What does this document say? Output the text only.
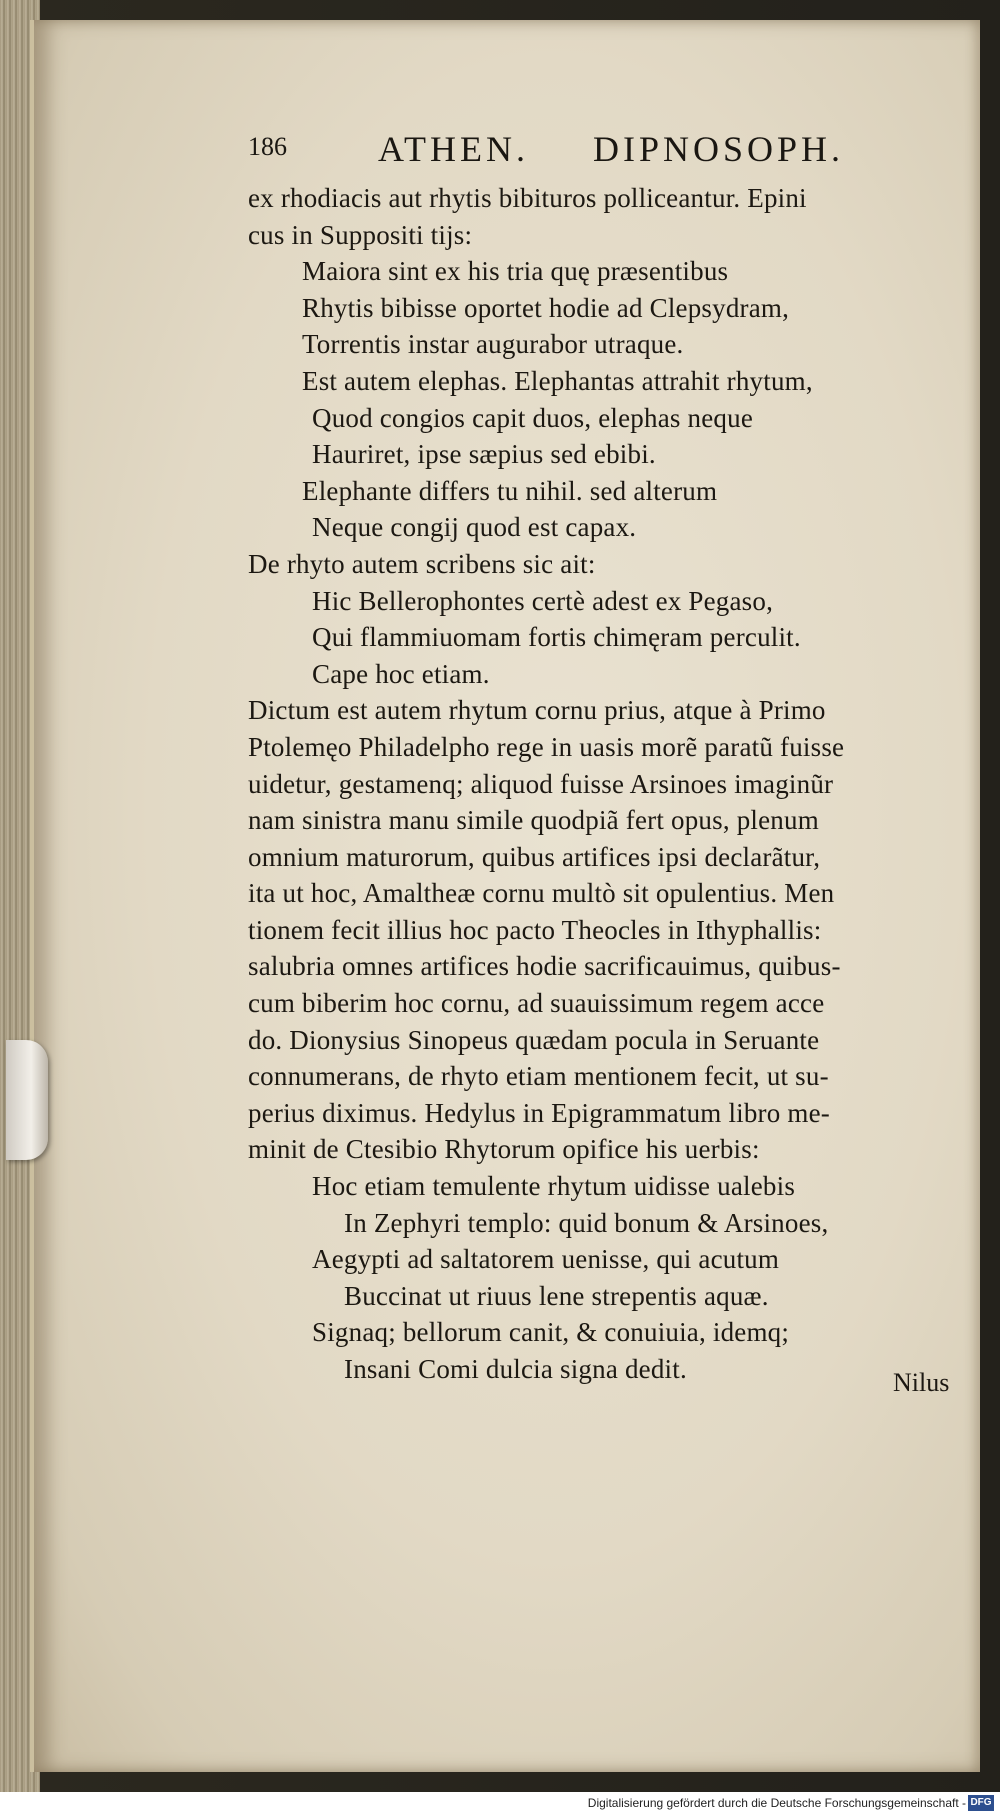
186	ATHEN. DIPNOSOPH.
ex rhodiacis aut rhytis bibituros polliceantur. Epini
cus in Suppositi tijs:
Maiora sint ex his tria quę præsentibus
Rhytis bibisse oportet hodie ad Clepsydram,
Torrentis instar augurabor utraque.
Est autem elephas. Elephantas attrahit rhytum,
Quod congios capit duos, elephas neque
Hauriret, ipse sæpius sed ebibi.
Elephante differs tu nihil. sed alterum
Neque congij quod est capax.
De rhyto autem scribens sic ait:
Hic Bellerophontes certè adest ex Pegaso,
Qui flammiuomam fortis chimęram perculit.
Cape hoc etiam.
Dictum est autem rhytum cornu prius, atque à Primo
Ptolemęo Philadelpho rege in uasis morẽ paratũ fuisse
uidetur, gestamenq; aliquod fuisse Arsinoes imaginũr
nam sinistra manu simile quodpiã fert opus, plenum
omnium maturorum, quibus artifices ipsi declarãtur,
ita ut hoc, Amaltheæ cornu multò sit opulentius. Men
tionem fecit illius hoc pacto Theocles in Ithyphallis:
salubria omnes artifices hodie sacrificauimus, quibus-
cum biberim hoc cornu, ad suauissimum regem acce
do. Dionysius Sinopeus quædam pocula in Seruante
connumerans, de rhyto etiam mentionem fecit, ut su-
perius diximus. Hedylus in Epigrammatum libro me-
minit de Ctesibio Rhytorum opifice his uerbis:
Hoc etiam temulente rhytum uidisse ualebis
In Zephyri templo: quid bonum & Arsinoes,
Aegypti ad saltatorem uenisse, qui acutum
Buccinat ut riuus lene strepentis aquæ.
Signaq; bellorum canit, & conuiuia, idemq;
Insani Comi dulcia signa dedit.	Nilus
Digitalisierung gefördert durch die Deutsche Forschungsgemeinschaft - DFG
